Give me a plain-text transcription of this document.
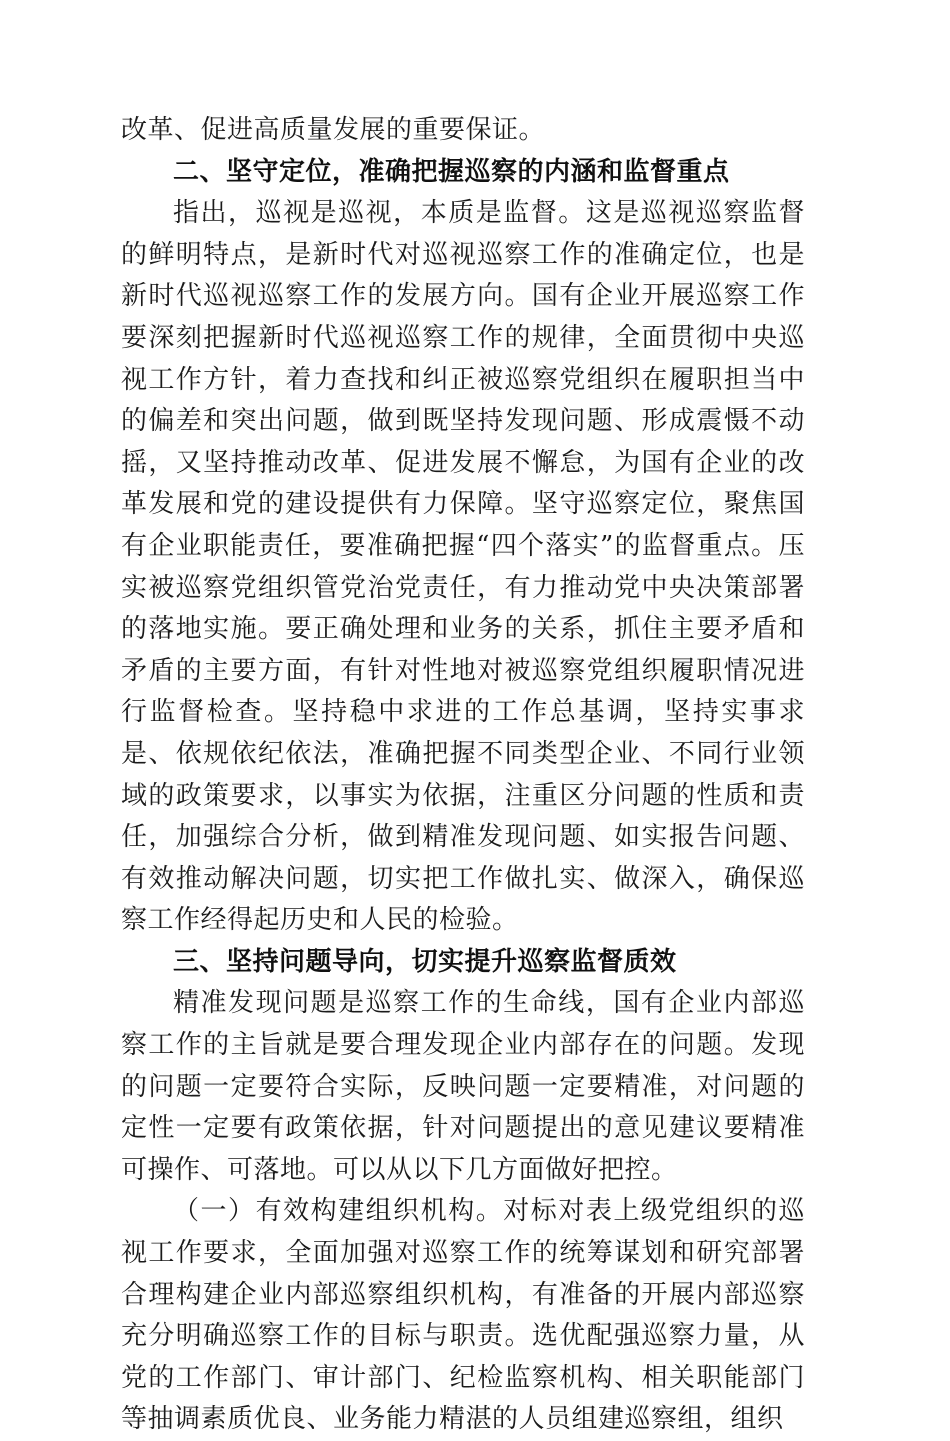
改革、促进高质量发展的重要保证。

二、坚守定位，准确把握巡察的内涵和监督重点

指出，巡视是巡视，本质是监督。这是巡视巡察监督的鲜明特点，是新时代对巡视巡察工作的准确定位，也是新时代巡视巡察工作的发展方向。国有企业开展巡察工作要深刻把握新时代巡视巡察工作的规律，全面贯彻中央巡视工作方针，着力查找和纠正被巡察党组织在履职担当中的偏差和突出问题，做到既坚持发现问题、形成震慑不动摇，又坚持推动改革、促进发展不懈怠，为国有企业的改革发展和党的建设提供有力保障。坚守巡察定位，聚焦国有企业职能责任，要准确把握“四个落实”的监督重点。压实被巡察党组织管党治党责任，有力推动党中央决策部署的落地实施。要正确处理和业务的关系，抓住主要矛盾和矛盾的主要方面，有针对性地对被巡察党组织履职情况进行监督检查。坚持稳中求进的工作总基调，坚持实事求是、依规依纪依法，准确把握不同类型企业、不同行业领域的政策要求，以事实为依据，注重区分问题的性质和责任，加强综合分析，做到精准发现问题、如实报告问题、有效推动解决问题，切实把工作做扎实、做深入，确保巡察工作经得起历史和人民的检验。

三、坚持问题导向，切实提升巡察监督质效

精准发现问题是巡察工作的生命线，国有企业内部巡察工作的主旨就是要合理发现企业内部存在的问题。发现的问题一定要符合实际，反映问题一定要精准，对问题的定性一定要有政策依据，针对问题提出的意见建议要精准可操作、可落地。可以从以下几方面做好把控。

（一）有效构建组织机构。对标对表上级党组织的巡视工作要求，全面加强对巡察工作的统筹谋划和研究部署合理构建企业内部巡察组织机构，有准备的开展内部巡察充分明确巡察工作的目标与职责。选优配强巡察力量，从党的工作部门、审计部门、纪检监察机构、相关职能部门等抽调素质优良、业务能力精湛的人员组建巡察组，组织
